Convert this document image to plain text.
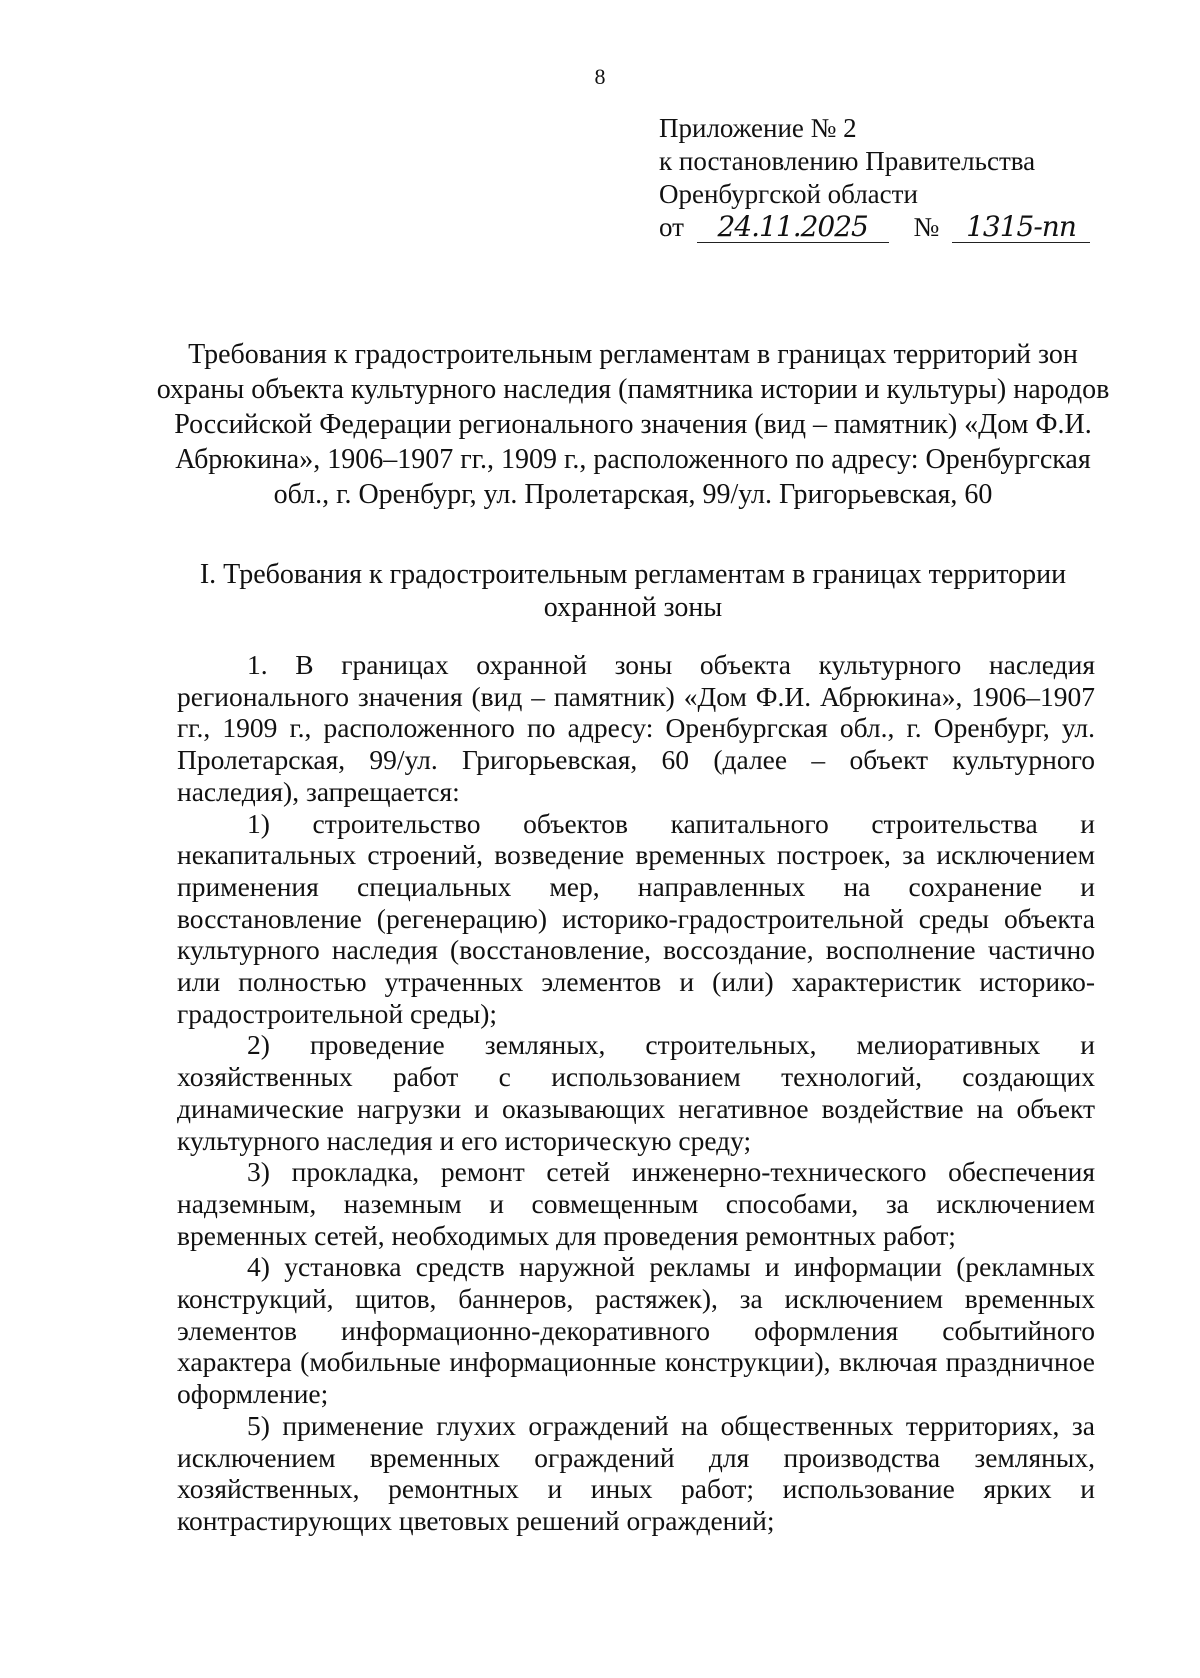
8
Приложение № 2
к постановлению Правительства
Оренбургской области
от 24.11.2025 № 1315-пп
Требования к градостроительным регламентам в границах территорий зон охраны объекта культурного наследия (памятника истории и культуры) народов Российской Федерации регионального значения (вид – памятник) «Дом Ф.И. Абрюкина», 1906–1907 гг., 1909 г., расположенного по адресу: Оренбургская обл., г. Оренбург, ул. Пролетарская, 99/ул. Григорьевская, 60
I. Требования к градостроительным регламентам в границах территории охранной зоны

1. В границах охранной зоны объекта культурного наследия регионального значения (вид – памятник) «Дом Ф.И. Абрюкина», 1906–1907 гг., 1909 г., расположенного по адресу: Оренбургская обл., г. Оренбург, ул. Пролетарская, 99/ул. Григорьевская, 60 (далее – объект культурного наследия), запрещается:

1) строительство объектов капитального строительства и некапитальных строений, возведение временных построек, за исключением применения специальных мер, направленных на сохранение и восстановление (регенерацию) историко-градостроительной среды объекта культурного наследия (восстановление, воссоздание, восполнение частично или полностью утраченных элементов и (или) характеристик историко-градостроительной среды);

2) проведение земляных, строительных, мелиоративных и хозяйственных работ с использованием технологий, создающих динамические нагрузки и оказывающих негативное воздействие на объект культурного наследия и его историческую среду;

3) прокладка, ремонт сетей инженерно-технического обеспечения надземным, наземным и совмещенным способами, за исключением временных сетей, необходимых для проведения ремонтных работ;

4) установка средств наружной рекламы и информации (рекламных конструкций, щитов, баннеров, растяжек), за исключением временных элементов информационно-декоративного оформления событийного характера (мобильные информационные конструкции), включая праздничное оформление;

5) применение глухих ограждений на общественных территориях, за исключением временных ограждений для производства земляных, хозяйственных, ремонтных и иных работ; использование ярких и контрастирующих цветовых решений ограждений;
